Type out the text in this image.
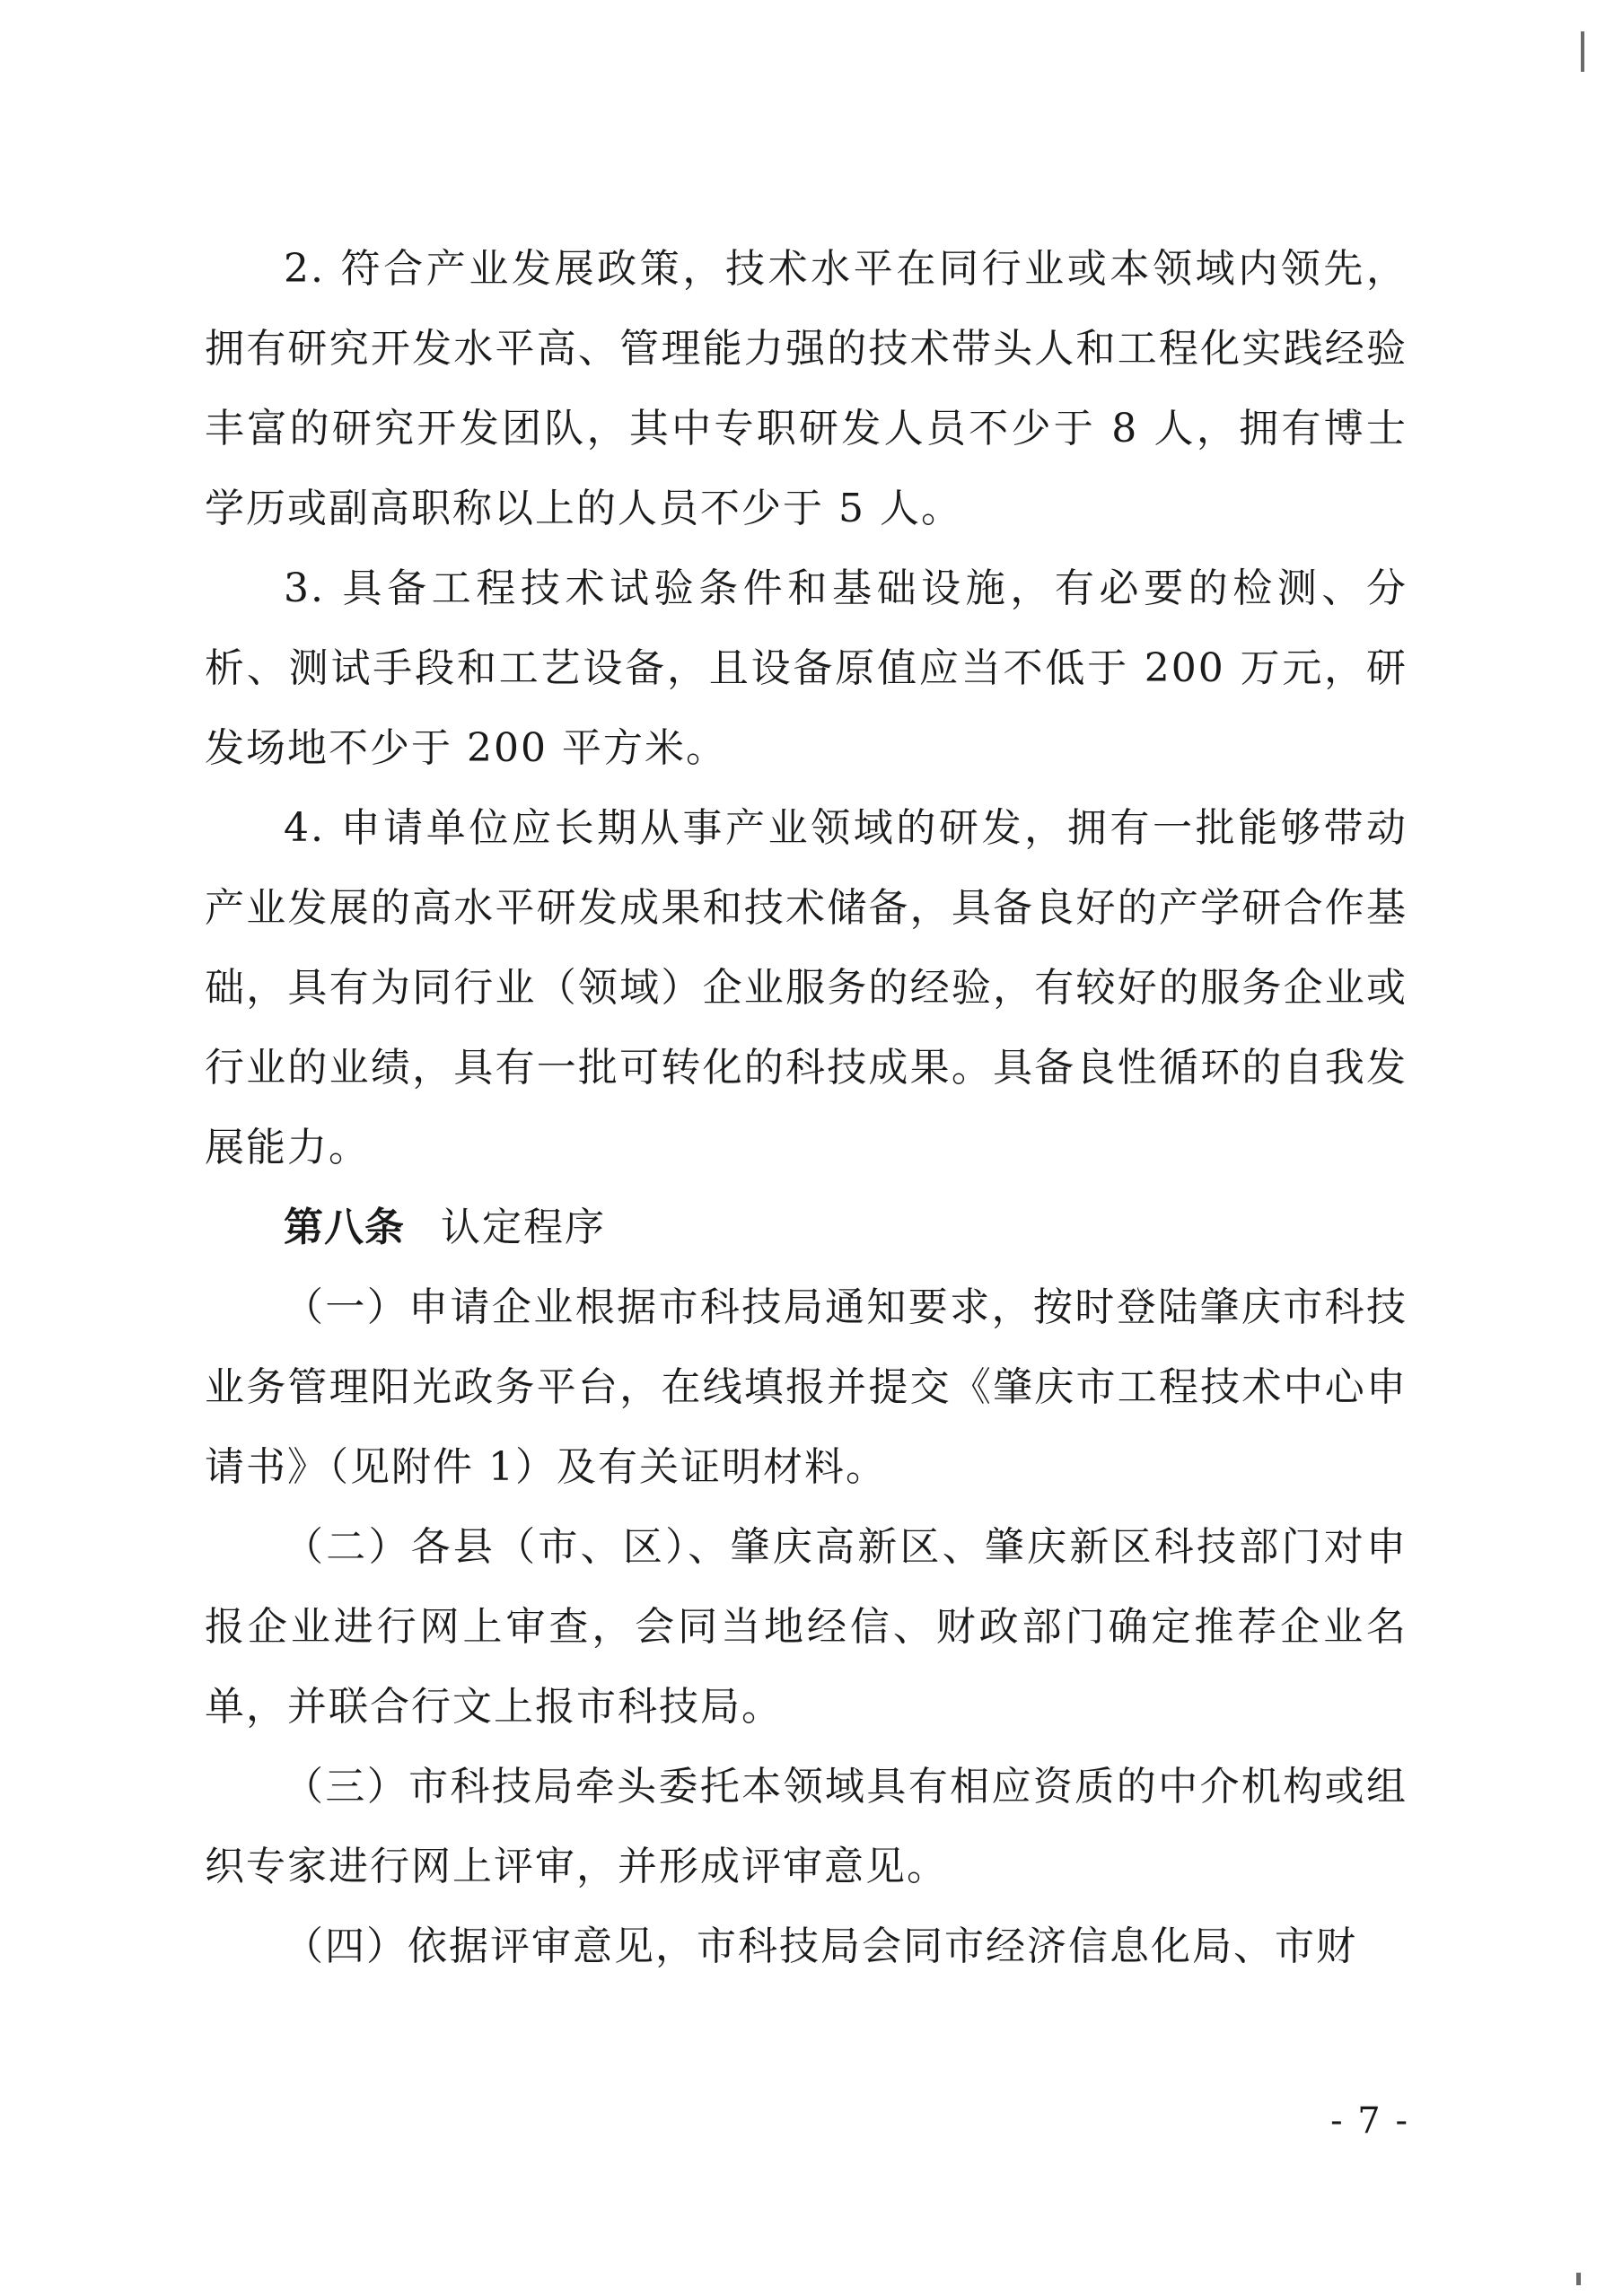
2. 符合产业发展政策，技术水平在同行业或本领域内领先，拥有研究开发水平高、管理能力强的技术带头人和工程化实践经验丰富的研究开发团队，其中专职研发人员不少于 8 人，拥有博士学历或副高职称以上的人员不少于 5 人。

3. 具备工程技术试验条件和基础设施，有必要的检测、分析、测试手段和工艺设备，且设备原值应当不低于 200 万元，研发场地不少于 200 平方米。

4. 申请单位应长期从事产业领域的研发，拥有一批能够带动产业发展的高水平研发成果和技术储备，具备良好的产学研合作基础，具有为同行业（领域）企业服务的经验，有较好的服务企业或行业的业绩，具有一批可转化的科技成果。具备良性循环的自我发展能力。

第八条 认定程序

（一）申请企业根据市科技局通知要求，按时登陆肇庆市科技业务管理阳光政务平台，在线填报并提交《肇庆市工程技术中心申请书》（见附件 1）及有关证明材料。

（二）各县（市、区）、肇庆高新区、肇庆新区科技部门对申报企业进行网上审查，会同当地经信、财政部门确定推荐企业名单，并联合行文上报市科技局。

（三）市科技局牵头委托本领域具有相应资质的中介机构或组织专家进行网上评审，并形成评审意见。

（四）依据评审意见，市科技局会同市经济信息化局、市财

- 7 -
